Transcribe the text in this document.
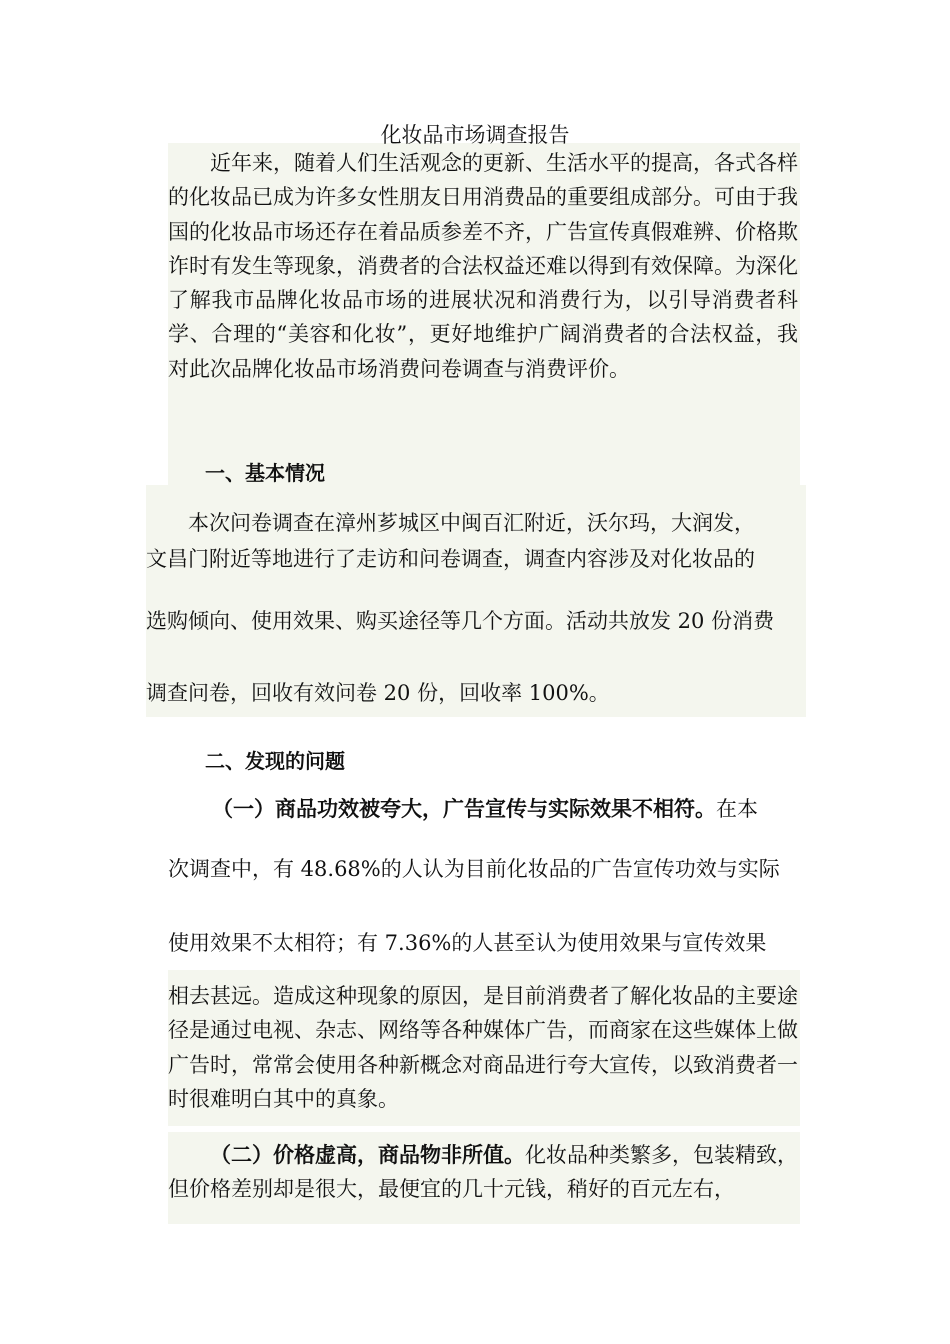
化妆品市场调查报告

近年来，随着人们生活观念的更新、生活水平的提高，各式各样的化妆品已成为许多女性朋友日用消费品的重要组成部分。可由于我国的化妆品市场还存在着品质参差不齐，广告宣传真假难辨、价格欺诈时有发生等现象，消费者的合法权益还难以得到有效保障。为深化了解我市品牌化妆品市场的进展状况和消费行为，以引导消费者科学、合理的“美容和化妆”，更好地维护广阔消费者的合法权益，我对此次品牌化妆品市场消费问卷调查与消费评价。

一、基本情况
本次问卷调查在漳州芗城区中闽百汇附近，沃尔玛，大润发，
文昌门附近等地进行了走访和问卷调查，调查内容涉及对化妆品的
选购倾向、使用效果、购买途径等几个方面。活动共放发 20 份消费
调查问卷，回收有效问卷 20 份，回收率 100%。
二、发现的问题
（一）商品功效被夸大，广告宣传与实际效果不相符。在本
次调查中，有 48.68%的人认为目前化妆品的广告宣传功效与实际
使用效果不太相符；有 7.36%的人甚至认为使用效果与宣传效果

相去甚远。造成这种现象的原因，是目前消费者了解化妆品的主要途径是通过电视、杂志、网络等各种媒体广告，而商家在这些媒体上做广告时，常常会使用各种新概念对商品进行夸大宣传，以致消费者一时很难明白其中的真象。

（二）价格虚高，商品物非所值。化妆品种类繁多，包装精致，但价格差别却是很大，最便宜的几十元钱，稍好的百元左右，
